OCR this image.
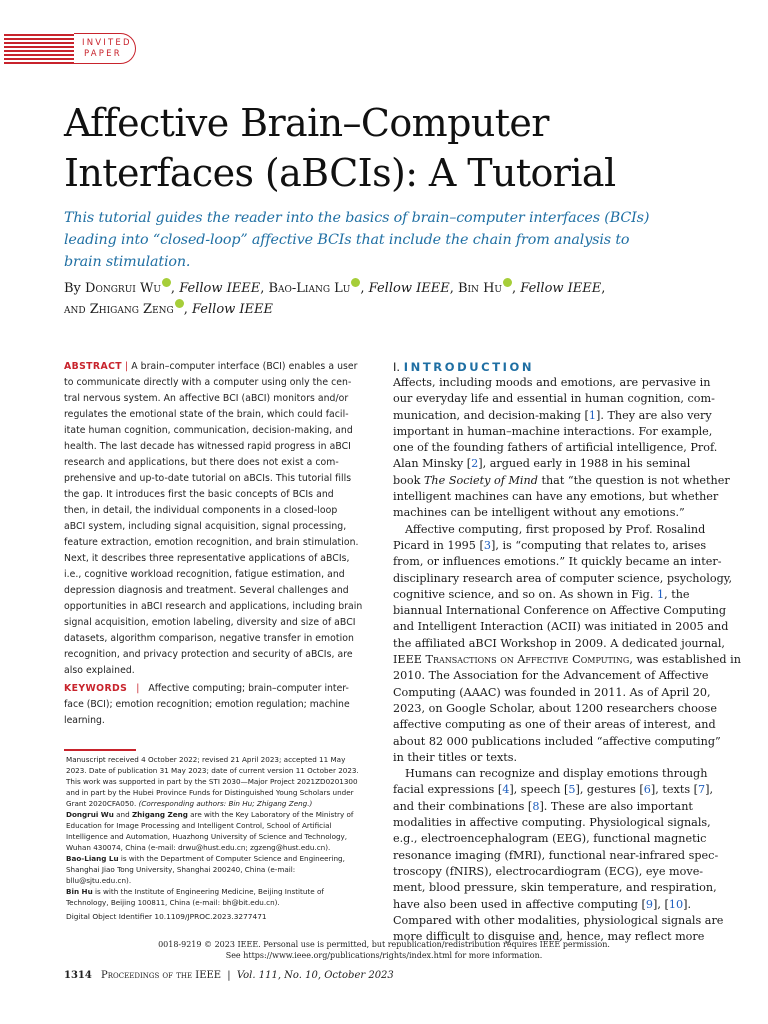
INVITED
PAPER
Affective Brain–Computer
Interfaces (aBCIs): A Tutorial
This tutorial guides the reader into the basics of brain–computer interfaces (BCIs)
leading into “closed-loop” affective BCIs that include the chain from analysis to
brain stimulation.
By Dongrui Wu , Fellow IEEE, Bao-Liang Lu , Fellow IEEE, Bin Hu , Fellow IEEE,
and Zhigang Zeng , Fellow IEEE
ABSTRACT | A brain–computer interface (BCI) enables a user
to communicate directly with a computer using only the cen-
tral nervous system. An affective BCI (aBCI) monitors and/or
regulates the emotional state of the brain, which could facil-
itate human cognition, communication, decision-making, and
health. The last decade has witnessed rapid progress in aBCI
research and applications, but there does not exist a com-
prehensive and up-to-date tutorial on aBCIs. This tutorial fills
the gap. It introduces first the basic concepts of BCIs and
then, in detail, the individual components in a closed-loop
aBCI system, including signal acquisition, signal processing,
feature extraction, emotion recognition, and brain stimulation.
Next, it describes three representative applications of aBCIs,
i.e., cognitive workload recognition, fatigue estimation, and
depression diagnosis and treatment. Several challenges and
opportunities in aBCI research and applications, including brain
signal acquisition, emotion labeling, diversity and size of aBCI
datasets, algorithm comparison, negative transfer in emotion
recognition, and privacy protection and security of aBCIs, are
also explained.
KEYWORDS | Affective computing; brain–computer inter-
face (BCI); emotion recognition; emotion regulation; machine
learning.
Manuscript received 4 October 2022; revised 21 April 2023; accepted 11 May
2023. Date of publication 31 May 2023; date of current version 11 October 2023.
This work was supported in part by the STI 2030—Major Project 2021ZD0201300
and in part by the Hubei Province Funds for Distinguished Young Scholars under
Grant 2020CFA050. (Corresponding authors: Bin Hu; Zhigang Zeng.)
Dongrui Wu and Zhigang Zeng are with the Key Laboratory of the Ministry of
Education for Image Processing and Intelligent Control, School of Artificial
Intelligence and Automation, Huazhong University of Science and Technology,
Wuhan 430074, China (e-mail: drwu@hust.edu.cn; zgzeng@hust.edu.cn).
Bao-Liang Lu is with the Department of Computer Science and Engineering,
Shanghai Jiao Tong University, Shanghai 200240, China (e-mail:
bllu@sjtu.edu.cn).
Bin Hu is with the Institute of Engineering Medicine, Beijing Institute of
Technology, Beijing 100811, China (e-mail: bh@bit.edu.cn).
Digital Object Identifier 10.1109/JPROC.2023.3277471
I. INTRODUCTION
Affects, including moods and emotions, are pervasive in
our everyday life and essential in human cognition, com-
munication, and decision-making [1]. They are also very
important in human–machine interactions. For example,
one of the founding fathers of artificial intelligence, Prof.
Alan Minsky [2], argued early in 1988 in his seminal
book The Society of Mind that “the question is not whether
intelligent machines can have any emotions, but whether
machines can be intelligent without any emotions.”
Affective computing, first proposed by Prof. Rosalind
Picard in 1995 [3], is “computing that relates to, arises
from, or influences emotions.” It quickly became an inter-
disciplinary research area of computer science, psychology,
cognitive science, and so on. As shown in Fig. 1, the
biannual International Conference on Affective Computing
and Intelligent Interaction (ACII) was initiated in 2005 and
the affiliated aBCI Workshop in 2009. A dedicated journal,
IEEE Transactions on Affective Computing, was established in
2010. The Association for the Advancement of Affective
Computing (AAAC) was founded in 2011. As of April 20,
2023, on Google Scholar, about 1200 researchers choose
affective computing as one of their areas of interest, and
about 82 000 publications included “affective computing”
in their titles or texts.
Humans can recognize and display emotions through
facial expressions [4], speech [5], gestures [6], texts [7],
and their combinations [8]. These are also important
modalities in affective computing. Physiological signals,
e.g., electroencephalogram (EEG), functional magnetic
resonance imaging (fMRI), functional near-infrared spec-
troscopy (fNIRS), electrocardiogram (ECG), eye move-
ment, blood pressure, skin temperature, and respiration,
have also been used in affective computing [9], [10].
Compared with other modalities, physiological signals are
more difficult to disguise and, hence, may reflect more
0018-9219 © 2023 IEEE. Personal use is permitted, but republication/redistribution requires IEEE permission.
See https://www.ieee.org/publications/rights/index.html for more information.
1314 Proceedings of the IEEE | Vol. 111, No. 10, October 2023
